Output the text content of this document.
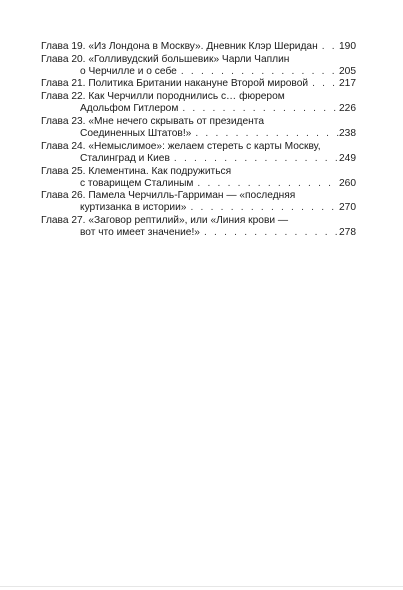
Глава 19. «Из Лондона в Москву». Дневник Клэр Шеридан . . . 190
Глава 20. «Голливудский большевик» Чарли Чаплин
о Черчилле и о себе . . .	205
Глава 21. Политика Британии накануне Второй мировой . . .	217
Глава 22. Как Черчилли породнились с… фюрером
Адольфом Гитлером . . .	226
Глава 23. «Мне нечего скрывать от президента
Соединенных Штатов!» . . .	238
Глава 24. «Немыслимое»: желаем стереть с карты Москву,
Сталинград и Киев . . .	249
Глава 25. Клементина. Как подружиться
с товарищем Сталиным . . .	260
Глава 26. Памела Черчилль-Гарриман — «последняя
куртизанка в истории» . . .	270
Глава 27. «Заговор рептилий», или «Линия крови —
вот что имеет значение!» . . .	278
